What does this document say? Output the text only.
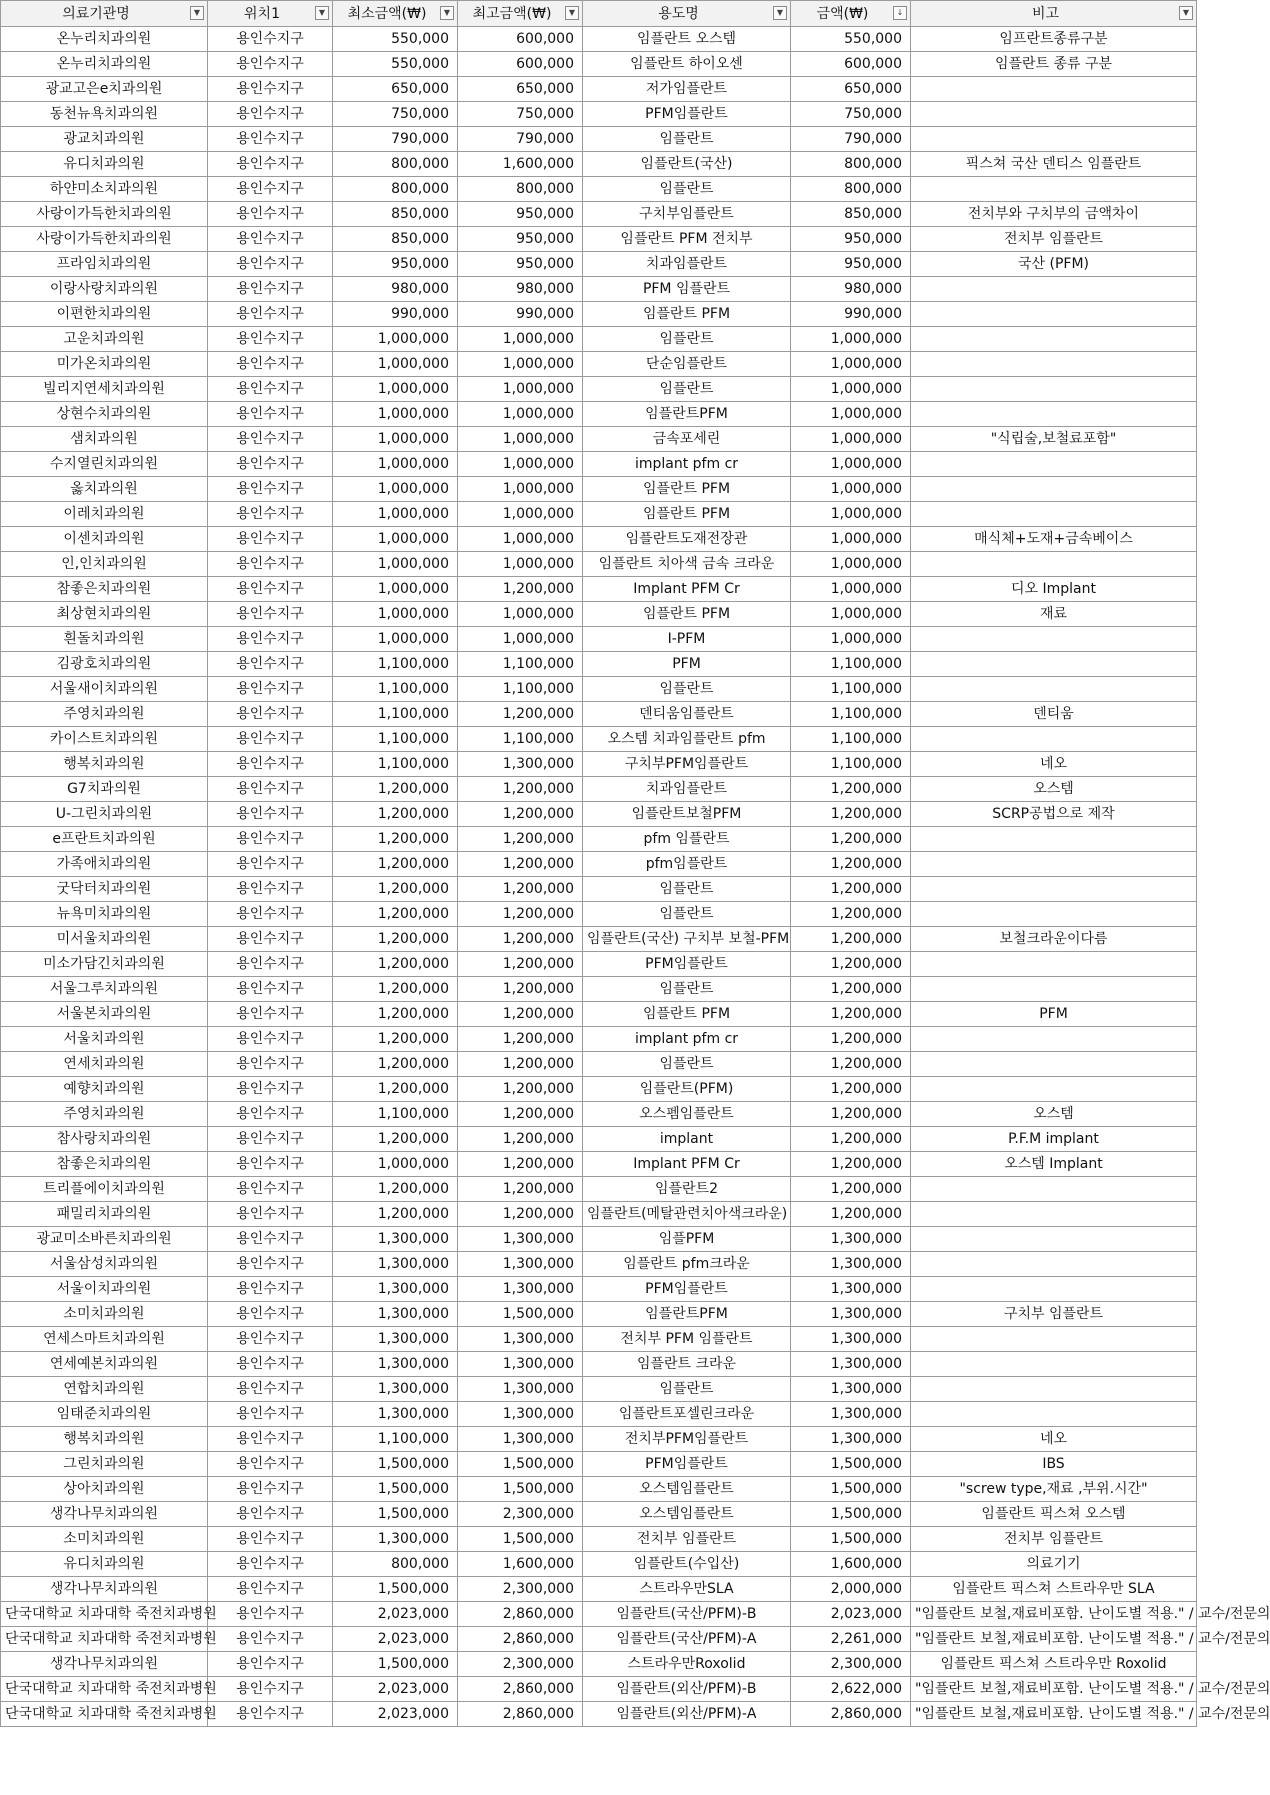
의료기관명 ▼	위치1 ▼	최소금액(₩) ▼	최고금액(₩) ▼	용도명 ▼	금액(₩) ↓	비고 ▼

온누리치과의원	용인수지구	550,000	600,000	임플란트 오스템	550,000	임프란트종류구분
온누리치과의원	용인수지구	550,000	600,000	임플란트 하이오센	600,000	임플란트 종류 구분
광교고은e치과의원	용인수지구	650,000	650,000	저가임플란트	650,000	
동천뉴욕치과의원	용인수지구	750,000	750,000	PFM임플란트	750,000	
광교치과의원	용인수지구	790,000	790,000	임플란트	790,000	
유디치과의원	용인수지구	800,000	1,600,000	임플란트(국산)	800,000	픽스쳐 국산 덴티스 임플란트
하얀미소치과의원	용인수지구	800,000	800,000	임플란트	800,000	
사랑이가득한치과의원	용인수지구	850,000	950,000	구치부임플란트	850,000	전치부와 구치부의 금액차이
사랑이가득한치과의원	용인수지구	850,000	950,000	임플란트 PFM 전치부	950,000	전치부 임플란트
프라임치과의원	용인수지구	950,000	950,000	치과임플란트	950,000	국산 (PFM)
이랑사랑치과의원	용인수지구	980,000	980,000	PFM 임플란트	980,000	
이편한치과의원	용인수지구	990,000	990,000	임플란트 PFM	990,000	
고운치과의원	용인수지구	1,000,000	1,000,000	임플란트	1,000,000	
미가온치과의원	용인수지구	1,000,000	1,000,000	단순임플란트	1,000,000	
빌리지연세치과의원	용인수지구	1,000,000	1,000,000	임플란트	1,000,000	
상현수치과의원	용인수지구	1,000,000	1,000,000	임플란트PFM	1,000,000	
샘치과의원	용인수지구	1,000,000	1,000,000	금속포세린	1,000,000	"식립술,보철료포함"
수지열린치과의원	용인수지구	1,000,000	1,000,000	implant pfm cr	1,000,000	
옳치과의원	용인수지구	1,000,000	1,000,000	임플란트 PFM	1,000,000	
이레치과의원	용인수지구	1,000,000	1,000,000	임플란트 PFM	1,000,000	
이센치과의원	용인수지구	1,000,000	1,000,000	임플란트도재전장관	1,000,000	매식체+도재+금속베이스
인,인치과의원	용인수지구	1,000,000	1,000,000	임플란트 치아색 금속 크라운	1,000,000	
참좋은치과의원	용인수지구	1,000,000	1,200,000	Implant PFM Cr	1,000,000	디오 Implant
최상현치과의원	용인수지구	1,000,000	1,000,000	임플란트 PFM	1,000,000	재료
흰돌치과의원	용인수지구	1,000,000	1,000,000	I-PFM	1,000,000	
김광호치과의원	용인수지구	1,100,000	1,100,000	PFM	1,100,000	
서울새이치과의원	용인수지구	1,100,000	1,100,000	임플란트	1,100,000	
주영치과의원	용인수지구	1,100,000	1,200,000	덴티움임플란트	1,100,000	덴티움
카이스트치과의원	용인수지구	1,100,000	1,100,000	오스템 치과임플란트 pfm	1,100,000	
행복치과의원	용인수지구	1,100,000	1,300,000	구치부PFM임플란트	1,100,000	네오
G7치과의원	용인수지구	1,200,000	1,200,000	치과임플란트	1,200,000	오스템
U-그린치과의원	용인수지구	1,200,000	1,200,000	임플란트보철PFM	1,200,000	SCRP공법으로 제작
e프란트치과의원	용인수지구	1,200,000	1,200,000	pfm 임플란트	1,200,000	
가족애치과의원	용인수지구	1,200,000	1,200,000	pfm임플란트	1,200,000	
굿닥터치과의원	용인수지구	1,200,000	1,200,000	임플란트	1,200,000	
뉴욕미치과의원	용인수지구	1,200,000	1,200,000	임플란트	1,200,000	
미서울치과의원	용인수지구	1,200,000	1,200,000	임플란트(국산) 구치부 보철-PFM	1,200,000	보철크라운이다름
미소가담긴치과의원	용인수지구	1,200,000	1,200,000	PFM임플란트	1,200,000	
서울그루치과의원	용인수지구	1,200,000	1,200,000	임플란트	1,200,000	
서울본치과의원	용인수지구	1,200,000	1,200,000	임플란트 PFM	1,200,000	PFM
서울치과의원	용인수지구	1,200,000	1,200,000	implant pfm cr	1,200,000	
연세치과의원	용인수지구	1,200,000	1,200,000	임플란트	1,200,000	
예향치과의원	용인수지구	1,200,000	1,200,000	임플란트(PFM)	1,200,000	
주영치과의원	용인수지구	1,100,000	1,200,000	오스펨임플란트	1,200,000	오스템
참사랑치과의원	용인수지구	1,200,000	1,200,000	implant	1,200,000	P.F.M implant
참좋은치과의원	용인수지구	1,000,000	1,200,000	Implant PFM Cr	1,200,000	오스템 Implant
트리플에이치과의원	용인수지구	1,200,000	1,200,000	임플란트2	1,200,000	
패밀리치과의원	용인수지구	1,200,000	1,200,000	임플란트(메탈관련치아색크라운)	1,200,000	
광교미소바른치과의원	용인수지구	1,300,000	1,300,000	임플PFM	1,300,000	
서울삼성치과의원	용인수지구	1,300,000	1,300,000	임플란트 pfm크라운	1,300,000	
서울이치과의원	용인수지구	1,300,000	1,300,000	PFM임플란트	1,300,000	
소미치과의원	용인수지구	1,300,000	1,500,000	임플란트PFM	1,300,000	구치부 임플란트
연세스마트치과의원	용인수지구	1,300,000	1,300,000	전치부 PFM 임플란트	1,300,000	
연세예본치과의원	용인수지구	1,300,000	1,300,000	임플란트 크라운	1,300,000	
연합치과의원	용인수지구	1,300,000	1,300,000	임플란트	1,300,000	
임태준치과의원	용인수지구	1,300,000	1,300,000	임플란트포셀린크라운	1,300,000	
행복치과의원	용인수지구	1,100,000	1,300,000	전치부PFM임플란트	1,300,000	네오
그린치과의원	용인수지구	1,500,000	1,500,000	PFM임플란트	1,500,000	IBS
상아치과의원	용인수지구	1,500,000	1,500,000	오스템임플란트	1,500,000	"screw type,재료 ,부위.시간"
생각나무치과의원	용인수지구	1,500,000	2,300,000	오스템임플란트	1,500,000	임플란트 픽스쳐 오스템
소미치과의원	용인수지구	1,300,000	1,500,000	전치부 임플란트	1,500,000	전치부 임플란트
유디치과의원	용인수지구	800,000	1,600,000	임플란트(수입산)	1,600,000	의료기기
생각나무치과의원	용인수지구	1,500,000	2,300,000	스트라우만SLA	2,000,000	임플란트 픽스쳐 스트라우만 SLA
단국대학교 치과대학 죽전치과병원	용인수지구	2,023,000	2,860,000	임플란트(국산/PFM)-B	2,023,000	"임플란트 보철,재료비포함. 난이도별 적용." / 교수/전문의
단국대학교 치과대학 죽전치과병원	용인수지구	2,023,000	2,860,000	임플란트(국산/PFM)-A	2,261,000	"임플란트 보철,재료비포함. 난이도별 적용." / 교수/전문의
생각나무치과의원	용인수지구	1,500,000	2,300,000	스트라우만Roxolid	2,300,000	임플란트 픽스쳐 스트라우만 Roxolid
단국대학교 치과대학 죽전치과병원	용인수지구	2,023,000	2,860,000	임플란트(외산/PFM)-B	2,622,000	"임플란트 보철,재료비포함. 난이도별 적용." / 교수/전문의
단국대학교 치과대학 죽전치과병원	용인수지구	2,023,000	2,860,000	임플란트(외산/PFM)-A	2,860,000	"임플란트 보철,재료비포함. 난이도별 적용." / 교수/전문의
